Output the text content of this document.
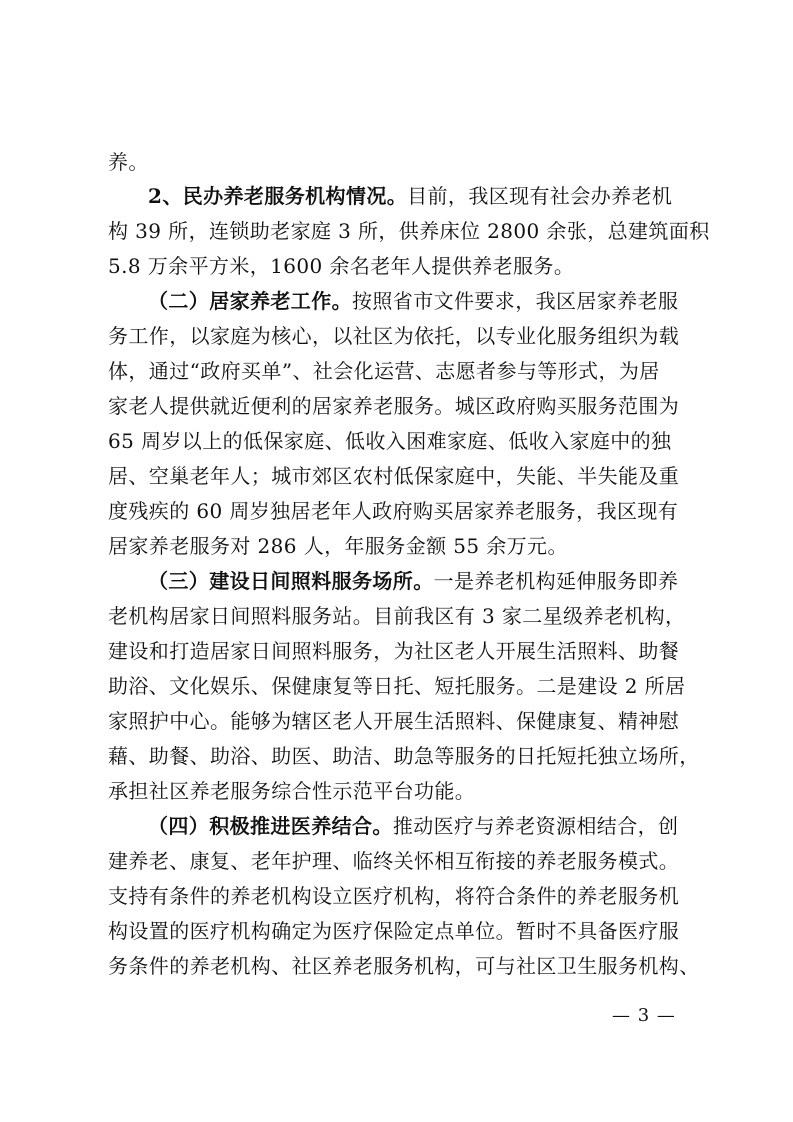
养。
2、民办养老服务机构情况。目前，我区现有社会办养老机
构 39 所，连锁助老家庭 3 所，供养床位 2800 余张，总建筑面积
5.8 万余平方米，1600 余名老年人提供养老服务。
（二）居家养老工作。按照省市文件要求，我区居家养老服
务工作，以家庭为核心，以社区为依托，以专业化服务组织为载
体，通过“政府买单”、社会化运营、志愿者参与等形式，为居
家老人提供就近便利的居家养老服务。城区政府购买服务范围为
65 周岁以上的低保家庭、低收入困难家庭、低收入家庭中的独
居、空巢老年人；城市郊区农村低保家庭中，失能、半失能及重
度残疾的 60 周岁独居老年人政府购买居家养老服务，我区现有
居家养老服务对 286 人，年服务金额 55 余万元。
（三）建设日间照料服务场所。一是养老机构延伸服务即养
老机构居家日间照料服务站。目前我区有 3 家二星级养老机构，
建设和打造居家日间照料服务，为社区老人开展生活照料、助餐
助浴、文化娱乐、保健康复等日托、短托服务。二是建设 2 所居
家照护中心。能够为辖区老人开展生活照料、保健康复、精神慰
藉、助餐、助浴、助医、助洁、助急等服务的日托短托独立场所，
承担社区养老服务综合性示范平台功能。
（四）积极推进医养结合。推动医疗与养老资源相结合，创
建养老、康复、老年护理、临终关怀相互衔接的养老服务模式。
支持有条件的养老机构设立医疗机构，将符合条件的养老服务机
构设置的医疗机构确定为医疗保险定点单位。暂时不具备医疗服
务条件的养老机构、社区养老服务机构，可与社区卫生服务机构、
— 3 —
